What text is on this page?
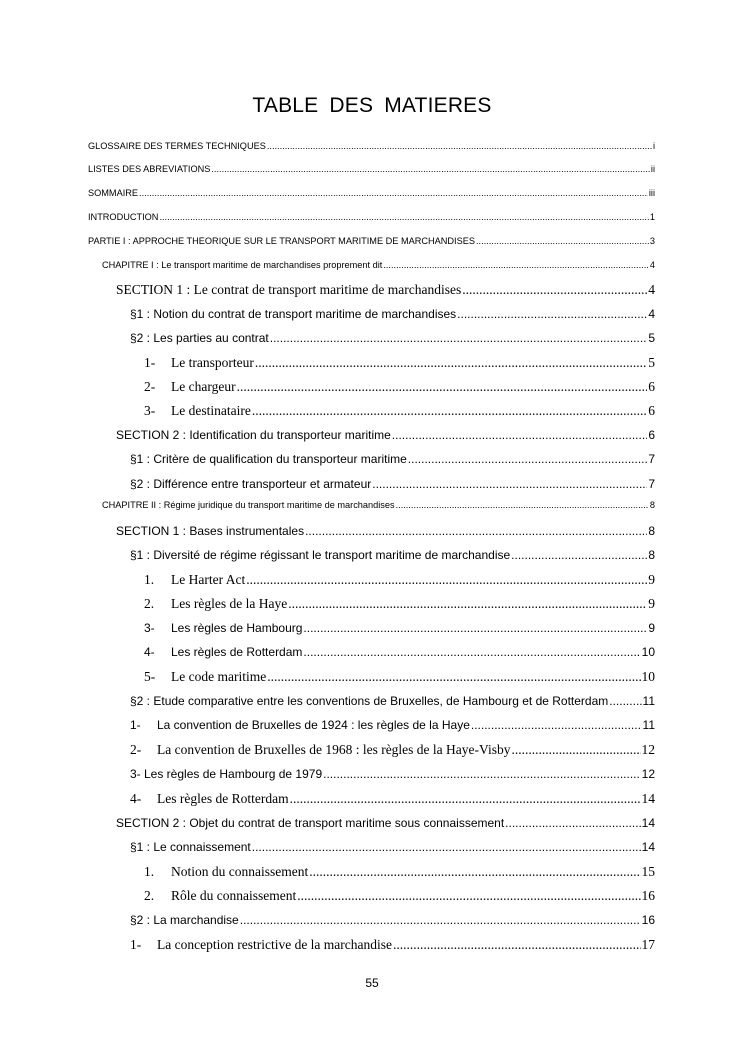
TABLE DES MATIERES
GLOSSAIRE DES TERMES TECHNIQUES .....	i
LISTES DES ABREVIATIONS .....	ii
SOMMAIRE .....	iii
INTRODUCTION .....	1
PARTIE I : APPROCHE THEORIQUE SUR LE TRANSPORT MARITIME DE MARCHANDISES .....	3
CHAPITRE I : Le transport maritime de marchandises proprement dit .....	4
SECTION 1 : Le contrat de transport maritime de marchandises .....	4
§1 : Notion du contrat de transport maritime de marchandises .....	4
§2 : Les parties au contrat .....	5
1-	Le transporteur .....	5
2-	Le chargeur .....	6
3-	Le destinataire .....	6
SECTION 2 : Identification du transporteur maritime .....	6
§1 : Critère de qualification du transporteur maritime .....	7
§2 : Différence entre transporteur et armateur .....	7
CHAPITRE II : Régime juridique du transport maritime de marchandises .....	8
SECTION 1 : Bases instrumentales .....	8
§1 : Diversité de régime régissant le transport maritime de marchandise .....	8
1.	Le Harter Act .....	9
2.	Les règles de la Haye .....	9
3-	Les règles de Hambourg .....	9
4-	Les règles de Rotterdam .....	10
5-	Le code maritime .....	10
§2 : Etude comparative entre les conventions de Bruxelles, de Hambourg et de Rotterdam .....	11
1-	La convention de Bruxelles de 1924 : les règles de la Haye .....	11
2-	La convention de Bruxelles de 1968 : les règles de la Haye-Visby .....	12
3- Les règles de Hambourg de 1979 .....	12
4-	Les règles de Rotterdam .....	14
SECTION 2 : Objet du contrat de transport maritime sous connaissement .....	14
§1 : Le connaissement .....	14
1.	Notion du connaissement .....	15
2.	Rôle du connaissement .....	16
§2 : La marchandise .....	16
1-	La conception restrictive de la marchandise .....	17
55
